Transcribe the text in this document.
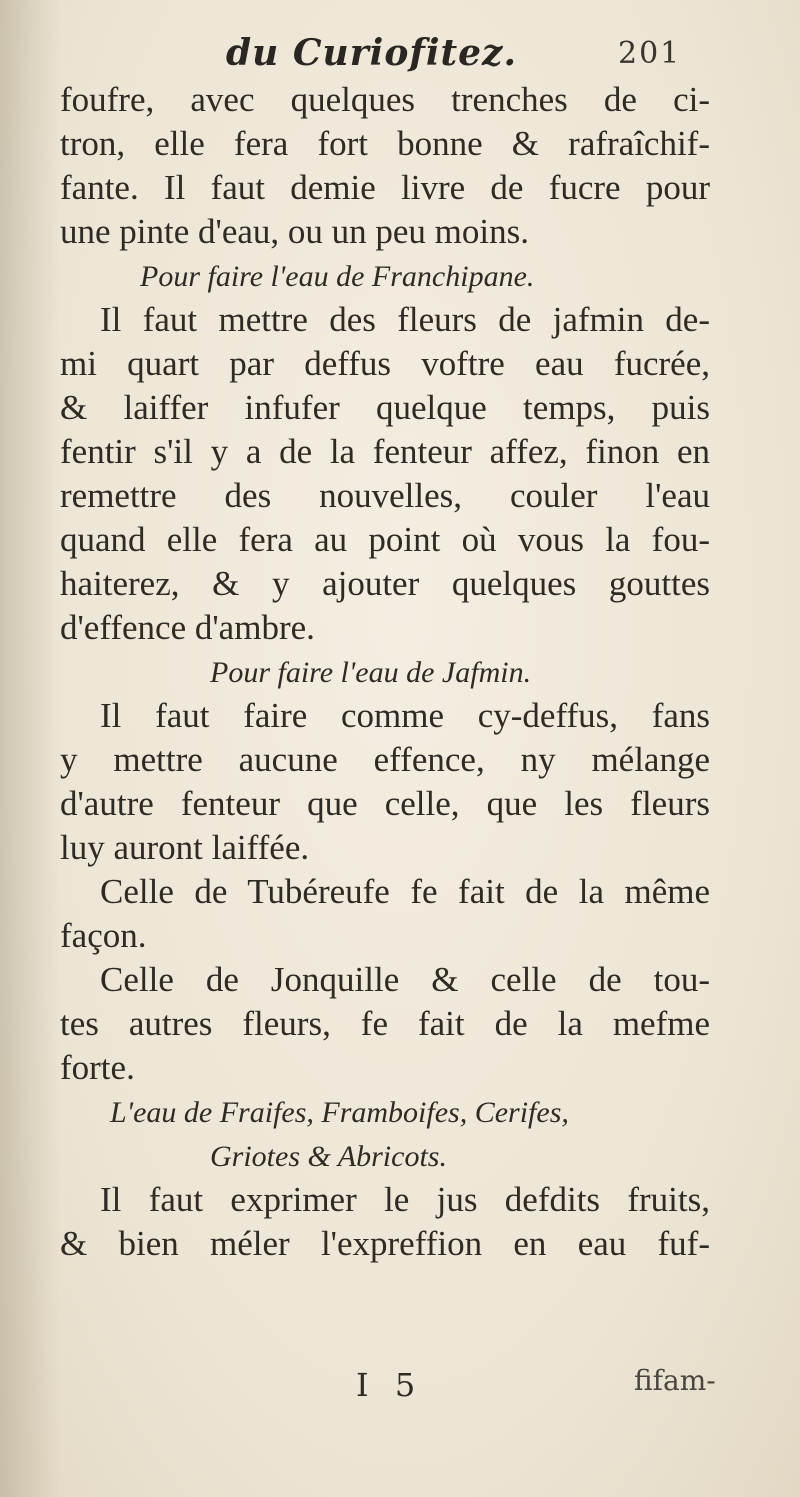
du Curiofitez.	201
foufre, avec quelques trenches de ci-
tron, elle fera fort bonne & rafraîchif-
fante. Il faut demie livre de fucre pour
une pinte d'eau, ou un peu moins.
Pour faire l'eau de Franchipane.
Il faut mettre des fleurs de jafmin de-
mi quart par deffus voftre eau fucrée,
& laiffer infufer quelque temps, puis
fentir s'il y a de la fenteur affez, finon en
remettre des nouvelles, couler l'eau
quand elle fera au point où vous la fou-
haiterez, & y ajouter quelques gouttes
d'effence d'ambre.
Pour faire l'eau de Jafmin.
Il faut faire comme cy-deffus, fans
y mettre aucune effence, ny mélange
d'autre fenteur que celle, que les fleurs
luy auront laiffée.
Celle de Tubéreufe fe fait de la même
façon.
Celle de Jonquille & celle de tou-
tes autres fleurs, fe fait de la mefme
forte.
L'eau de Fraifes, Framboifes, Cerifes,
Griotes & Abricots.
Il faut exprimer le jus defdits fruits,
& bien méler l'expreffion en eau fuf-
I 5	fifam-
